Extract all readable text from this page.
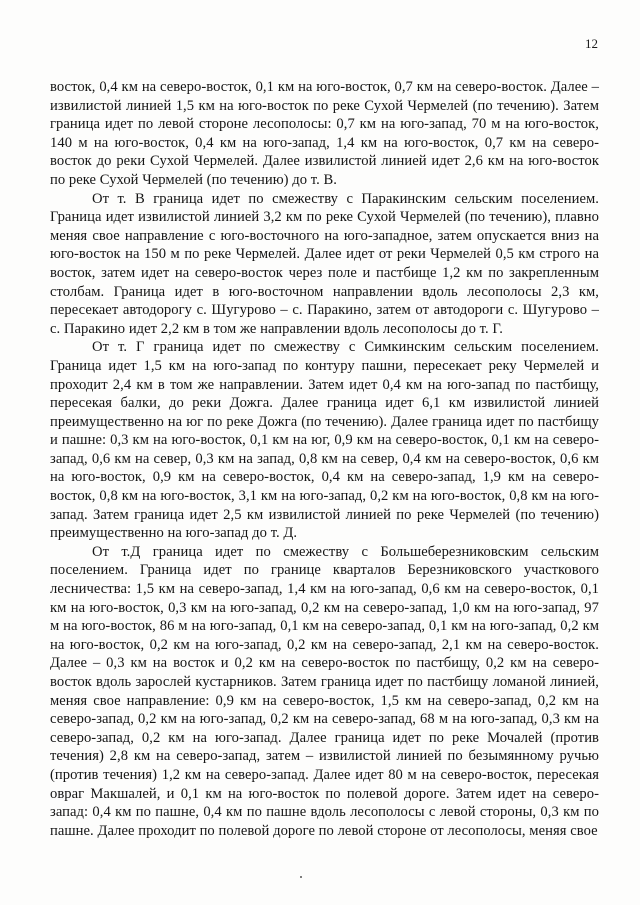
12

восток, 0,4 км на северо-восток, 0,1 км на юго-восток, 0,7 км на северо-восток. Далее – извилистой линией 1,5 км на юго-восток по реке Сухой Чермелей (по течению). Затем граница идет по левой стороне лесополосы: 0,7 км на юго-запад, 70 м на юго-восток, 140 м на юго-восток, 0,4 км на юго-запад, 1,4 км на юго-восток, 0,7 км на северо-восток до реки Сухой Чермелей. Далее извилистой линией идет 2,6 км на юго-восток по реке Сухой Чермелей (по течению) до т. В.

От т. В граница идет по смежеству с Паракинским сельским поселением. Граница идет извилистой линией 3,2 км по реке Сухой Чермелей (по течению), плавно меняя свое направление с юго-восточного на юго-западное, затем опускается вниз на юго-восток на 150 м по реке Чермелей. Далее идет от реки Чермелей 0,5 км строго на восток, затем идет на северо-восток через поле и пастбище 1,2 км по закрепленным столбам. Граница идет в юго-восточном направлении вдоль лесополосы 2,3 км, пересекает автодорогу с. Шугурово – с. Паракино, затем от автодороги с. Шугурово – с. Паракино идет 2,2 км в том же направлении вдоль лесополосы до т. Г.

От т. Г граница идет по смежеству с Симкинским сельским поселением. Граница идет 1,5 км на юго-запад по контуру пашни, пересекает реку Чермелей и проходит 2,4 км в том же направлении. Затем идет 0,4 км на юго-запад по пастбищу, пересекая балки, до реки Дожга. Далее граница идет 6,1 км извилистой линией преимущественно на юг по реке Дожга (по течению). Далее граница идет по пастбищу и пашне: 0,3 км на юго-восток, 0,1 км на юг, 0,9 км на северо-восток, 0,1 км на северо-запад, 0,6 км на север, 0,3 км на запад, 0,8 км на север, 0,4 км на северо-восток, 0,6 км на юго-восток, 0,9 км на северо-восток, 0,4 км на северо-запад, 1,9 км на северо-восток, 0,8 км на юго-восток, 3,1 км на юго-запад, 0,2 км на юго-восток, 0,8 км на юго-запад. Затем граница идет 2,5 км извилистой линией по реке Чермелей (по течению) преимущественно на юго-запад до т. Д.

От т.Д граница идет по смежеству с Большеберезниковским сельским поселением. Граница идет по границе кварталов Березниковского участкового лесничества: 1,5 км на северо-запад, 1,4 км на юго-запад, 0,6 км на северо-восток, 0,1 км на юго-восток, 0,3 км на юго-запад, 0,2 км на северо-запад, 1,0 км на юго-запад, 97 м на юго-восток, 86 м на юго-запад, 0,1 км на северо-запад, 0,1 км на юго-запад, 0,2 км на юго-восток, 0,2 км на юго-запад, 0,2 км на северо-запад, 2,1 км на северо-восток. Далее – 0,3 км на восток и 0,2 км на северо-восток по пастбищу, 0,2 км на северо-восток вдоль зарослей кустарников. Затем граница идет по пастбищу ломаной линией, меняя свое направление: 0,9 км на северо-восток, 1,5 км на северо-запад, 0,2 км на северо-запад, 0,2 км на юго-запад, 0,2 км на северо-запад, 68 м на юго-запад, 0,3 км на северо-запад, 0,2 км на юго-запад. Далее граница идет по реке Мочалей (против течения) 2,8 км на северо-запад, затем – извилистой линией по безымянному ручью (против течения) 1,2 км на северо-запад. Далее идет 80 м на северо-восток, пересекая овраг Макшалей, и 0,1 км на юго-восток по полевой дороге. Затем идет на северо-запад: 0,4 км по пашне, 0,4 км по пашне вдоль лесополосы с левой стороны, 0,3 км по пашне. Далее проходит по полевой дороге по левой стороне от лесополосы, меняя свое
